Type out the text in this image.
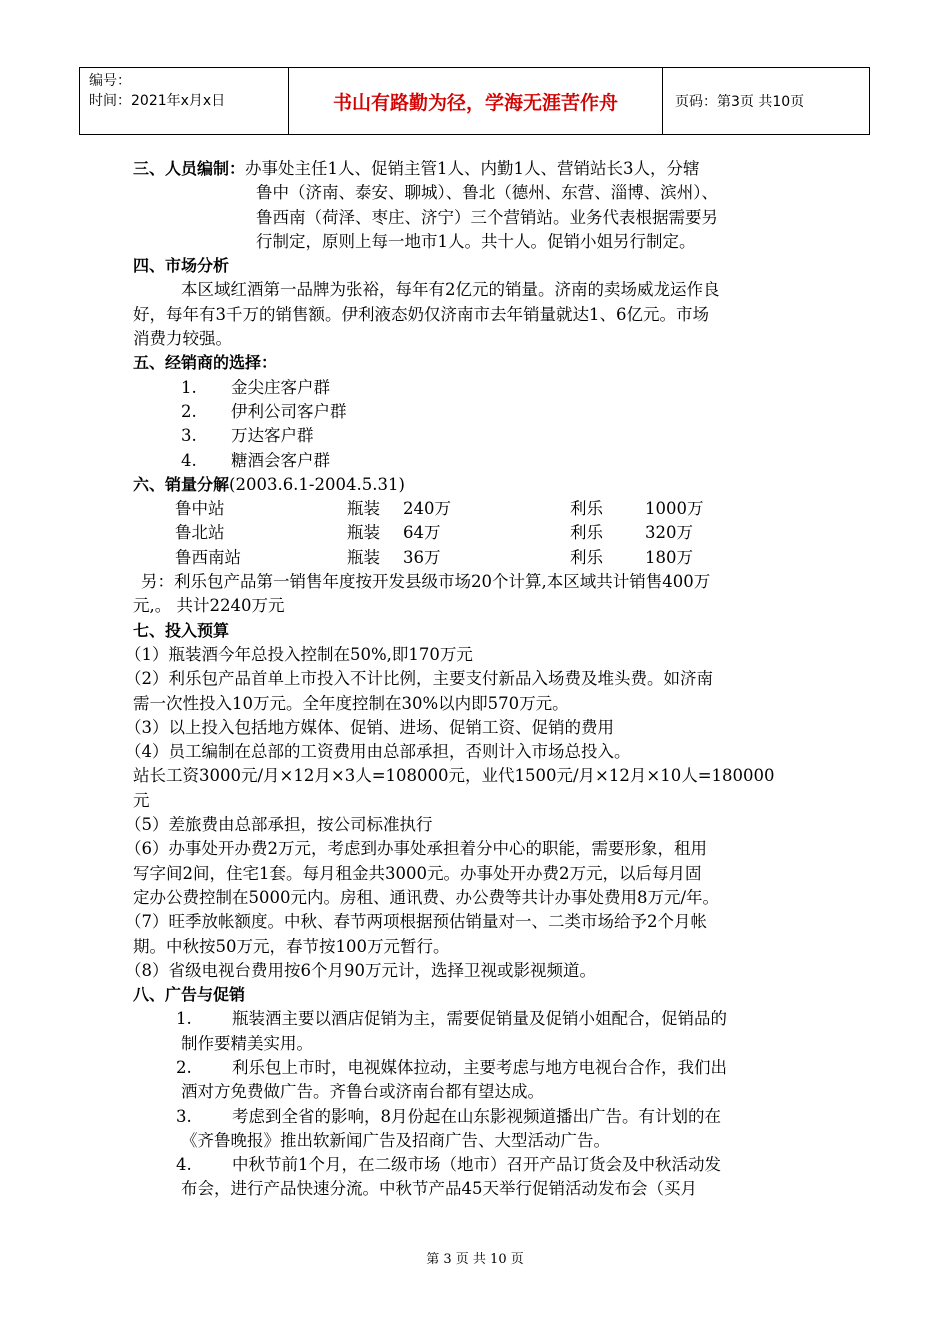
编号：
时间：2021年x月x日	书山有路勤为径，学海无涯苦作舟	页码：第3页 共10页
三、人员编制：办事处主任1人、促销主管1人、内勤1人、营销站长3人，分辖
鲁中（济南、泰安、聊城）、鲁北（德州、东营、淄博、滨州）、
鲁西南（荷泽、枣庄、济宁）三个营销站。业务代表根据需要另
行制定，原则上每一地市1人。共十人。促销小姐另行制定。
四、市场分析
本区域红酒第一品牌为张裕，每年有2亿元的销量。济南的卖场威龙运作良
好，每年有3千万的销售额。伊利液态奶仅济南市去年销量就达1、6亿元。市场
消费力较强。
五、经销商的选择：
1. 金尖庄客户群
2. 伊利公司客户群
3. 万达客户群
4. 糖酒会客户群
六、销量分解(2003.6.1-2004.5.31)
鲁中站	瓶装	240万	利乐	1000万
鲁北站	瓶装	64万	利乐	320万
鲁西南站	瓶装	36万	利乐	180万
另：利乐包产品第一销售年度按开发县级市场20个计算,本区域共计销售400万
元,。 共计2240万元
七、投入预算
（1）瓶装酒今年总投入控制在50%,即170万元
（2）利乐包产品首单上市投入不计比例，主要支付新品入场费及堆头费。如济南
需一次性投入10万元。全年度控制在30%以内即570万元。
（3）以上投入包括地方媒体、促销、进场、促销工资、促销的费用
（4）员工编制在总部的工资费用由总部承担，否则计入市场总投入。
站长工资3000元/月×12月×3人=108000元，业代1500元/月×12月×10人=180000
元
（5）差旅费由总部承担，按公司标准执行
（6）办事处开办费2万元，考虑到办事处承担着分中心的职能，需要形象，租用
写字间2间，住宅1套。每月租金共3000元。办事处开办费2万元，以后每月固
定办公费控制在5000元内。房租、通讯费、办公费等共计办事处费用8万元/年。
（7）旺季放帐额度。中秋、春节两项根据预估销量对一、二类市场给予2个月帐
期。中秋按50万元，春节按100万元暂行。
（8）省级电视台费用按6个月90万元计，选择卫视或影视频道。
八、广告与促销
1.	瓶装酒主要以酒店促销为主，需要促销量及促销小姐配合，促销品的
制作要精美实用。
2.	利乐包上市时，电视媒体拉动，主要考虑与地方电视台合作，我们出
酒对方免费做广告。齐鲁台或济南台都有望达成。
3.	考虑到全省的影响，8月份起在山东影视频道播出广告。有计划的在
《齐鲁晚报》推出软新闻广告及招商广告、大型活动广告。
4.	中秋节前1个月，在二级市场（地市）召开产品订货会及中秋活动发
布会，进行产品快速分流。中秋节产品45天举行促销活动发布会（买月
第 3 页 共 10 页
